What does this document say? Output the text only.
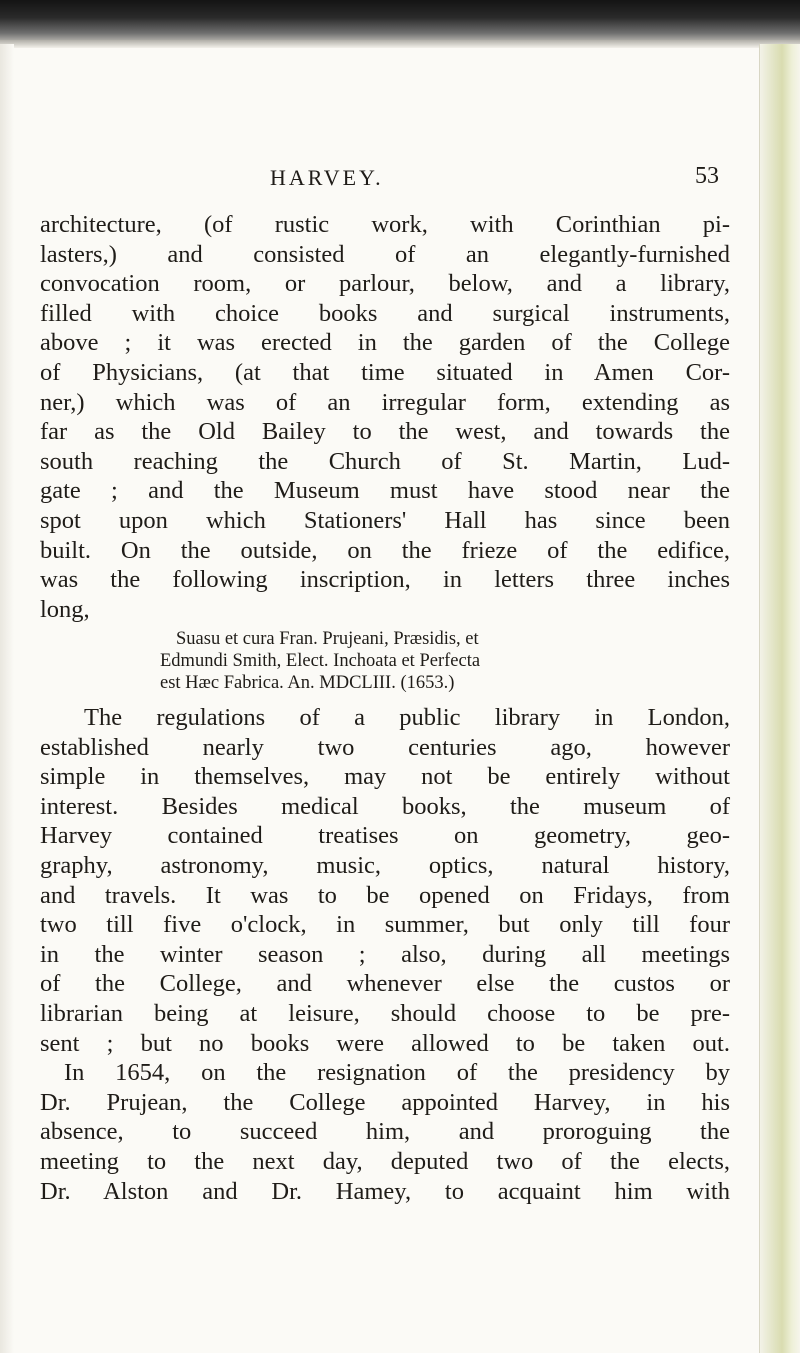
HARVEY.	53
architecture, (of rustic work, with Corinthian pi-
lasters,) and consisted of an elegantly-furnished
convocation room, or parlour, below, and a library,
filled with choice books and surgical instruments,
above ; it was erected in the garden of the College
of Physicians, (at that time situated in Amen Cor-
ner,) which was of an irregular form, extending as
far as the Old Bailey to the west, and towards the
south reaching the Church of St. Martin, Lud-
gate ; and the Museum must have stood near the
spot upon which Stationers' Hall has since been
built. On the outside, on the frieze of the edifice,
was the following inscription, in letters three inches
long,
Suasu et cura Fran. Prujeani, Præsidis, et
Edmundi Smith, Elect. Inchoata et Perfecta
est Hæc Fabrica. An. MDCLIII. (1653.)
The regulations of a public library in London,
established nearly two centuries ago, however
simple in themselves, may not be entirely without
interest. Besides medical books, the museum of
Harvey contained treatises on geometry, geo-
graphy, astronomy, music, optics, natural history,
and travels. It was to be opened on Fridays, from
two till five o'clock, in summer, but only till four
in the winter season ; also, during all meetings
of the College, and whenever else the custos or
librarian being at leisure, should choose to be pre-
sent ; but no books were allowed to be taken out.
In 1654, on the resignation of the presidency by
Dr. Prujean, the College appointed Harvey, in his
absence, to succeed him, and proroguing the
meeting to the next day, deputed two of the elects,
Dr. Alston and Dr. Hamey, to acquaint him with
